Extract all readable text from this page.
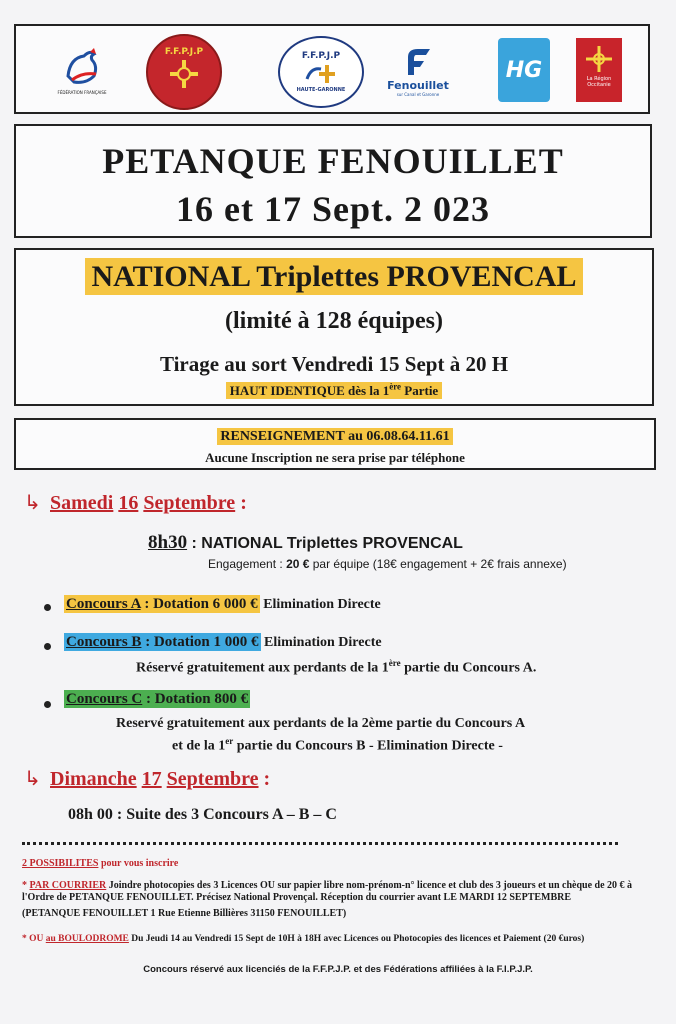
FÉDÉRATION FRANÇAISE
F.F.P.J.P	F.F.P.J.P
HAUTE-GARONNE	Fenouillet
sur Canal et Garonne
HG	La Région Occitanie
PETANQUE FENOUILLET
16 et 17 Sept. 2 023
NATIONAL Triplettes PROVENCAL
(limité à 128 équipes)
Tirage au sort Vendredi 15 Sept à 20 H
HAUT IDENTIQUE dès la 1ère Partie
RENSEIGNEMENT au 06.08.64.11.61
Aucune Inscription ne sera prise par téléphone
↳ Samedi 16 Septembre :
8h30 : NATIONAL Triplettes PROVENCAL
Engagement : 20 € par équipe (18€ engagement + 2€ frais annexe)
Concours A : Dotation 6 000 € Elimination Directe
Concours B : Dotation 1 000 € Elimination Directe
Réservé gratuitement aux perdants de la 1ère partie du Concours A.
Concours C : Dotation 800 €
Reservé gratuitement aux perdants de la 2ème partie du Concours A
et de la 1er partie du Concours B - Elimination Directe -
↳ Dimanche 17 Septembre :
08h 00 : Suite des 3 Concours A – B – C
2 POSSIBILITES pour vous inscrire
* PAR COURRIER Joindre photocopies des 3 Licences OU sur papier libre nom-prénom-n° licence et club des 3 joueurs et un chèque de 20 € à l'Ordre de PETANQUE FENOUILLET. Précisez National Provençal. Réception du courrier avant LE MARDI 12 SEPTEMBRE
(PETANQUE FENOUILLET 1 Rue Etienne Billières 31150 FENOUILLET)
* OU au BOULODROME Du Jeudi 14 au Vendredi 15 Sept de 10H à 18H avec Licences ou Photocopies des licences et Paiement (20 €uros)
Concours réservé aux licenciés de la F.F.P.J.P. et des Fédérations affiliées à la F.I.P.J.P.
